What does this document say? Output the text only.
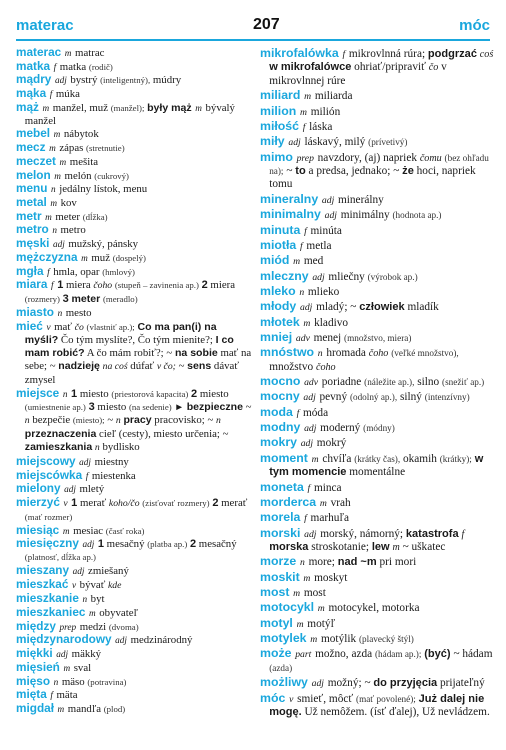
materac	207	móc
materac m matrac
matka f matka (rodič)
mądry adj bystrý (inteligentný), múdry
mąka f múka
mąż m manžel, muž (manžel); były mąż m bývalý manžel
mebel m nábytok
mecz m zápas (stretnutie)
meczet m mešita
melon m melón (cukrový)
menu n jedálny lístok, menu
metal m kov
metr m meter (dĺžka)
metro n metro
męski adj mužský, pánsky
mężczyzna m muž (dospelý)
mgła f hmla, opar (hmlový)
miara f 1 miera čoho (stupeň – zavinenia ap.) 2 miera (rozmery) 3 meter (meradlo)
miasto n mesto
mieć v mať čo (vlastniť ap.); Co ma pan(i) na myśli? Čo tým myslíte?, Čo tým mienite?; I co mam robić? A čo mám robiť?; ~ na sobie mať na sebe; ~ nadzieję na coś dúfať v čo; ~ sens dávať zmysel
miejsce n 1 miesto (priestorová kapacita) 2 miesto (umiestnenie ap.) 3 miesto (na sedenie) ► bezpieczne ~ n bezpečie (miesto); ~ n pracy pracovisko; ~ n przeznaczenia cieľ (cesty), miesto určenia; ~ zamieszkania n bydlisko
miejscowy adj miestny
miejscówka f miestenka
mielony adj mletý
mierzyć v 1 merať koho/čo (zisťovať rozmery) 2 merať (mať rozmer)
miesiąc m mesiac (časť roka)
miesięczny adj 1 mesačný (platba ap.) 2 mesačný (platnosť, dĺžka ap.)
mieszany adj zmiešaný
mieszkać v bývať kde
mieszkanie n byt
mieszkaniec m obyvateľ
między prep medzi (dvoma)
międzynarodowy adj medzinárodný
miękki adj mäkký
mięsień m sval
mięso n mäso (potravina)
mięta f mäta
migdał m mandľa (plod)
mikrofalówka f mikrovlnná rúra; podgrzać coś w mikrofalówce ohriať/pripraviť čo v mikrovlnnej rúre
miliard m miliarda
milion m milión
miłość f láska
miły adj láskavý, milý (prívetivý)
mimo prep navzdory, (aj) napriek čomu (bez ohľadu na); ~ to a predsa, jednako; ~ że hoci, napriek tomu
mineralny adj minerálny
minimalny adj minimálny (hodnota ap.)
minuta f minúta
miotła f metla
miód m med
mleczny adj mliečny (výrobok ap.)
mleko n mlieko
młody adj mladý; ~ człowiek mladík
młotek m kladivo
mniej adv menej (množstvo, miera)
mnóstwo n hromada čoho (veľké množstvo), množstvo čoho
mocno adv poriadne (náležite ap.), silno (snežiť ap.)
mocny adj pevný (odolný ap.), silný (intenzívny)
moda f móda
modny adj moderný (módny)
mokry adj mokrý
moment m chvíľa (krátky čas), okamih (krátky); w tym momencie momentálne
moneta f minca
morderca m vrah
morela f marhuľa
morski adj morský, námorný; katastrofa f morska stroskotanie; lew m ~ uškatec
morze n more; nad ~m pri mori
moskit m moskyt
most m most
motocykl m motocykel, motorka
motyl m motýľ
motylek m motýlik (plavecký štýl)
może part možno, azda (hádam ap.); (być) ~ hádam (azda)
możliwy adj možný; ~ do przyjęcia prijateľný
móc v smieť, môcť (mať povolené); Już dalej nie mogę. Už nemôžem. (ísť ďalej), Už nevládzem.
